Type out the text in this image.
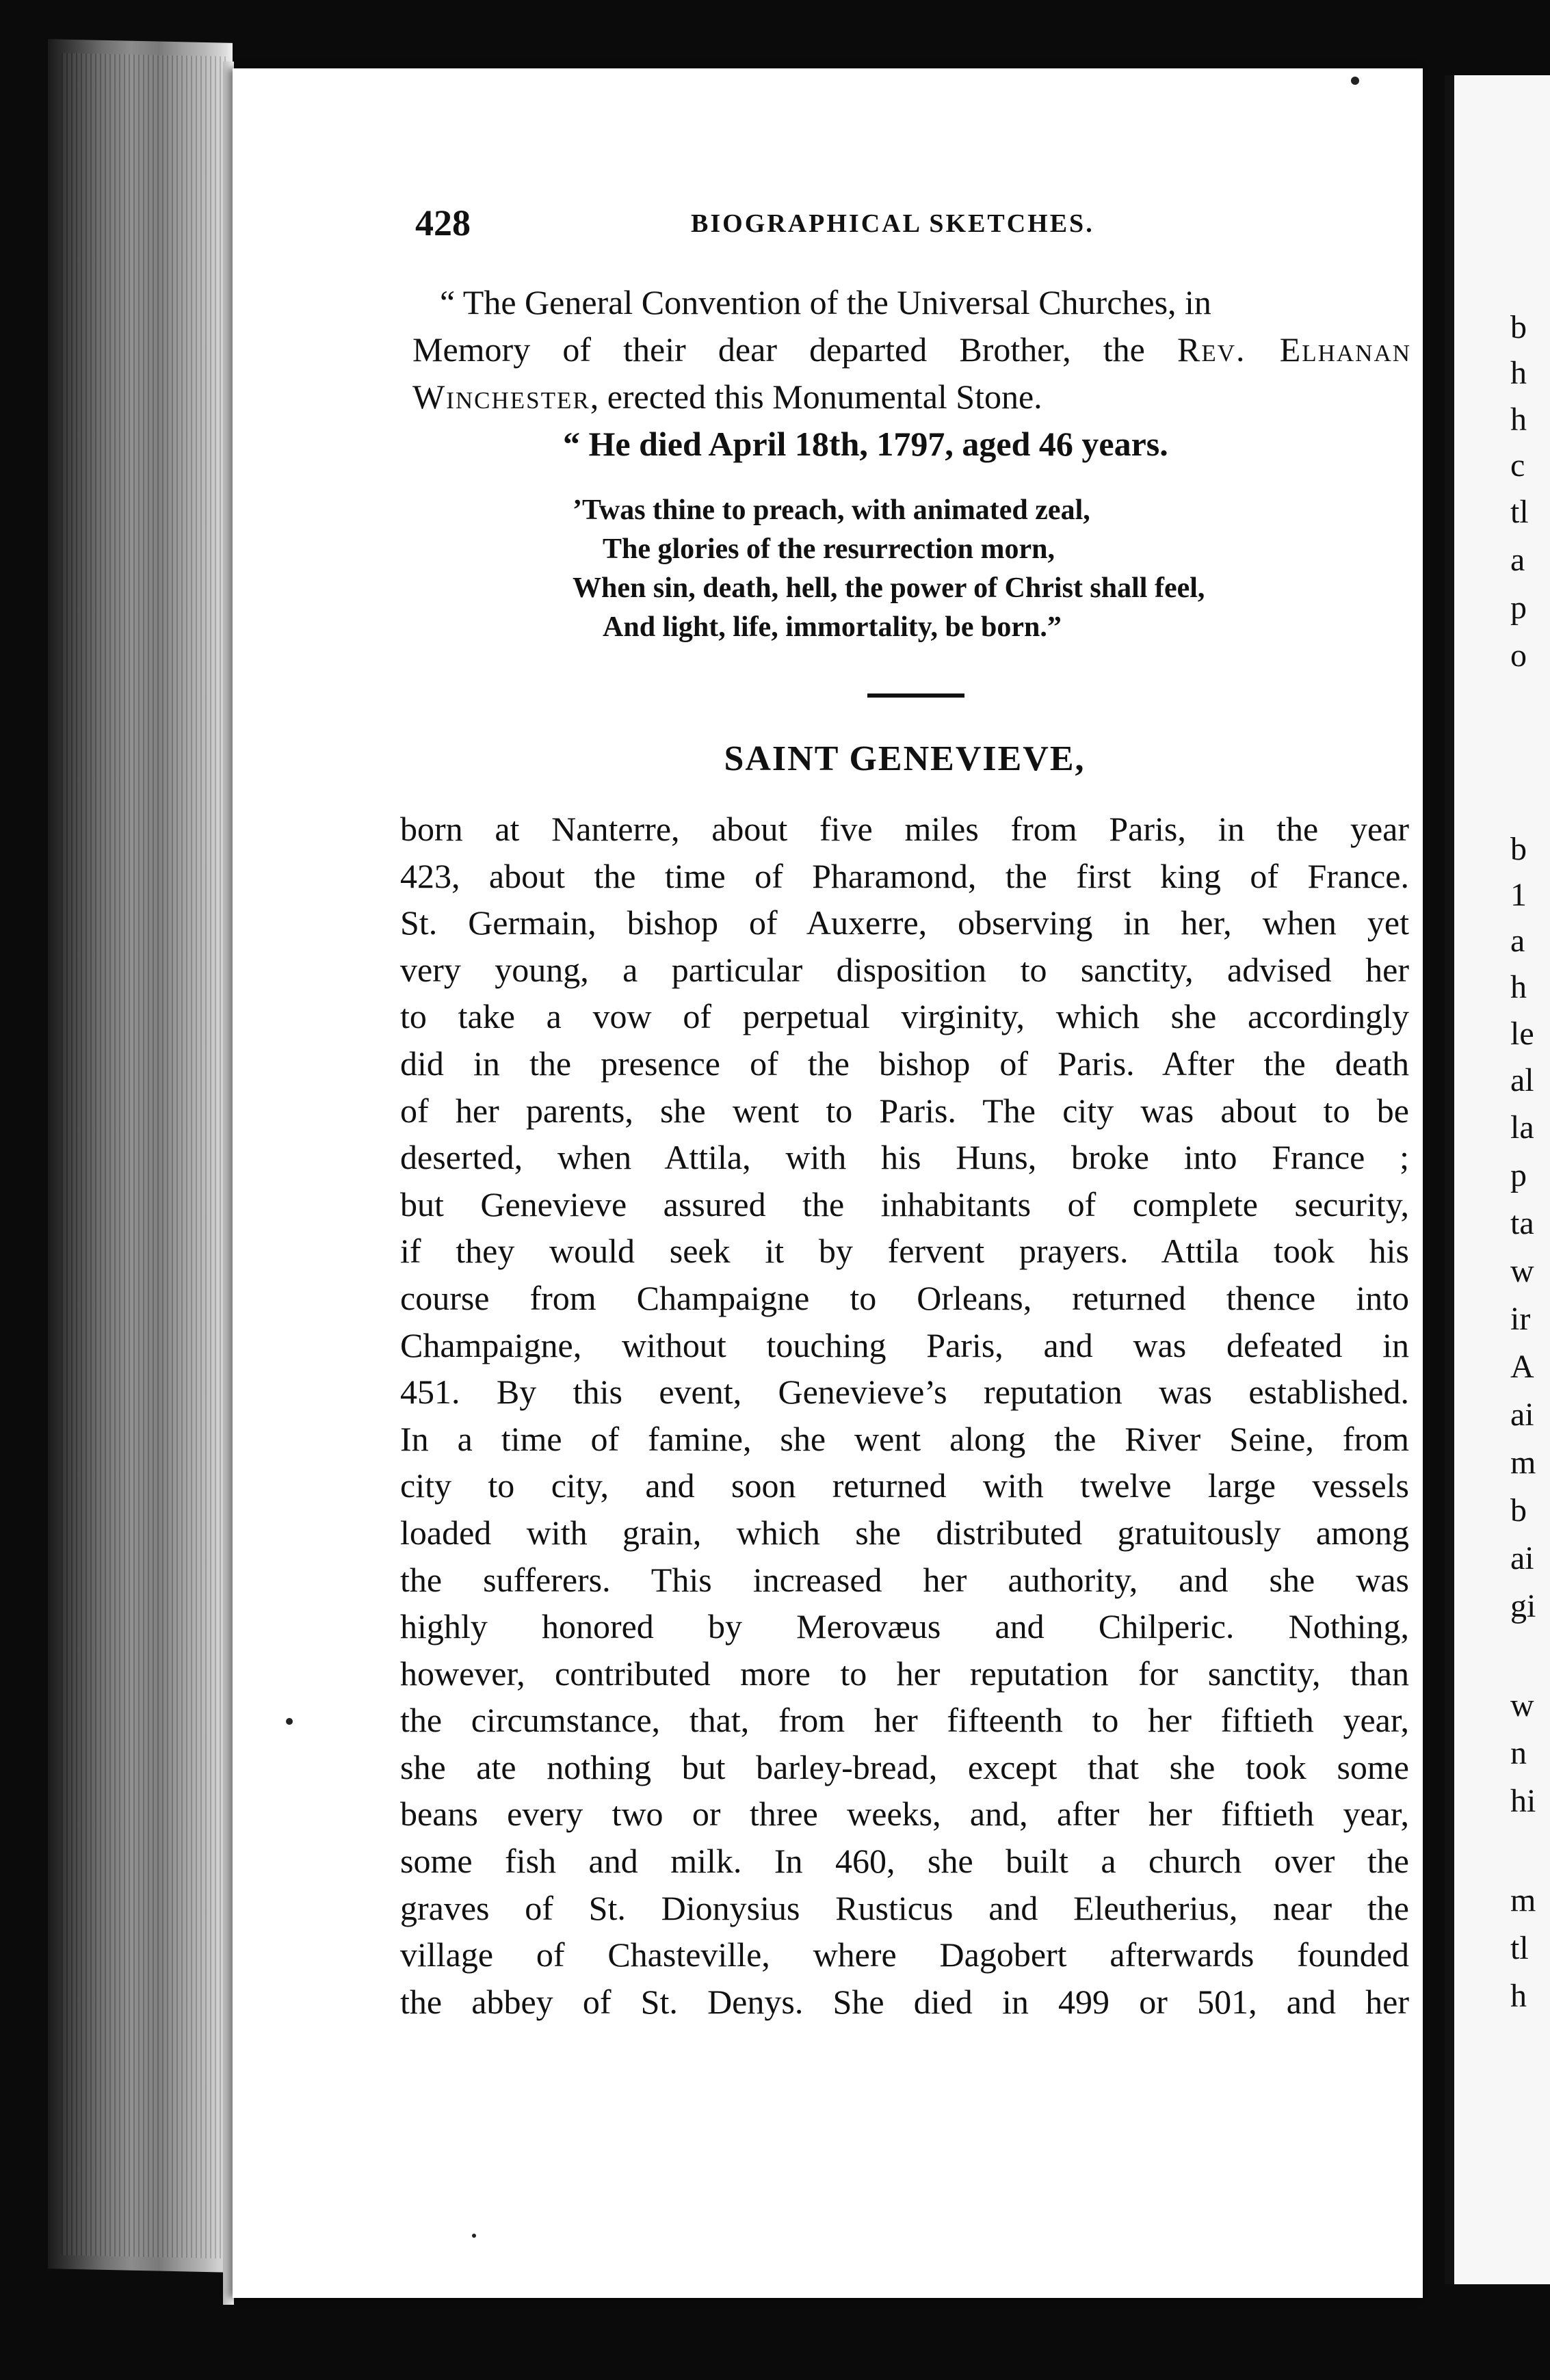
b
h
h
c
tl
a
p
o
b
1
a
h
le
al
la
p
ta
w
ir
A
ai
m
b
ai
gi
w
n
hi
m
tl
h
428	BIOGRAPHICAL SKETCHES.

“ The General Convention of the Universal Churches, in

Memory of their dear departed Brother, the Rev. Elhanan

Winchester, erected this Monumental Stone.

“ He died April 18th, 1797, aged 46 years.
’Twas thine to preach, with animated zeal,
The glories of the resurrection morn,
When sin, death, hell, the power of Christ shall feel,
And light, life, immortality, be born.”
SAINT GENEVIEVE,
born at Nanterre, about five miles from Paris, in the year
423, about the time of Pharamond, the first king of France.
St. Germain, bishop of Auxerre, observing in her, when yet
very young, a particular disposition to sanctity, advised her
to take a vow of perpetual virginity, which she accordingly
did in the presence of the bishop of Paris. After the death
of her parents, she went to Paris. The city was about to be
deserted, when Attila, with his Huns, broke into France ;
but Genevieve assured the inhabitants of complete security,
if they would seek it by fervent prayers. Attila took his
course from Champaigne to Orleans, returned thence into
Champaigne, without touching Paris, and was defeated in
451. By this event, Genevieve’s reputation was established.
In a time of famine, she went along the River Seine, from
city to city, and soon returned with twelve large vessels
loaded with grain, which she distributed gratuitously among
the sufferers. This increased her authority, and she was
highly honored by Merovæus and Chilperic. Nothing,
however, contributed more to her reputation for sanctity, than
the circumstance, that, from her fifteenth to her fiftieth year,
she ate nothing but barley-bread, except that she took some
beans every two or three weeks, and, after her fiftieth year,
some fish and milk. In 460, she built a church over the
graves of St. Dionysius Rusticus and Eleutherius, near the
village of Chasteville, where Dagobert afterwards founded
the abbey of St. Denys. She died in 499 or 501, and her
